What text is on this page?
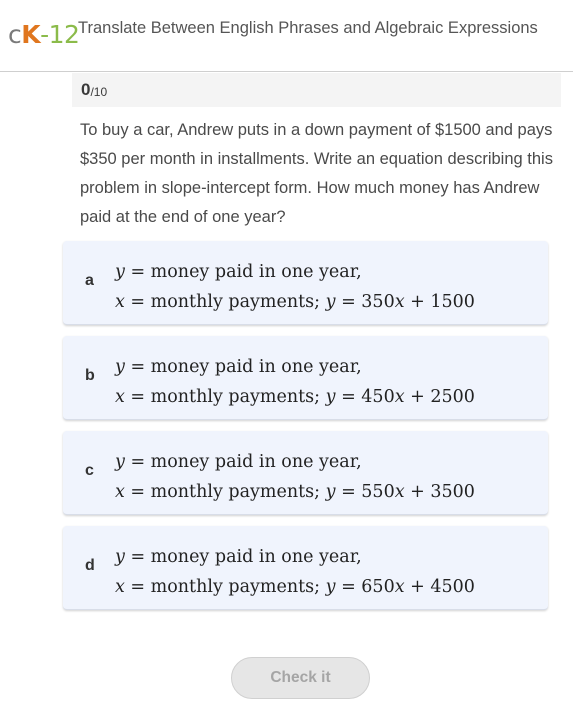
c K -12
Translate Between English Phrases and Algebraic Expressions
0 /10
To buy a car, Andrew puts in a down payment of $1500 and pays $350 per month in installments. Write an equation describing this problem in slope-intercept form. How much money has Andrew paid at the end of one year?
a 𝑦 = money paid in one year,
𝑥 = monthly payments; 𝑦 = 350𝑥 + 1500
b 𝑦 = money paid in one year,
𝑥 = monthly payments; 𝑦 = 450𝑥 + 2500
c 𝑦 = money paid in one year,
𝑥 = monthly payments; 𝑦 = 550𝑥 + 3500
d 𝑦 = money paid in one year,
𝑥 = monthly payments; 𝑦 = 650𝑥 + 4500
Check it
